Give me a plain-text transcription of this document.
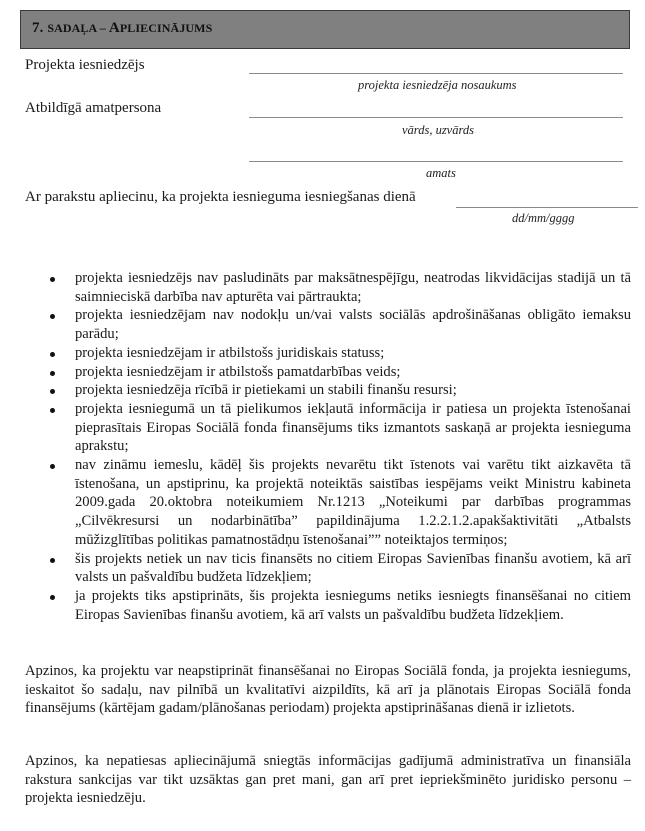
7. SADAĻA – APLIECINĀJUMS
Projekta iesniedzējs
projekta iesniedzēja nosaukums
Atbildīgā amatpersona
vārds, uzvārds
amats
Ar parakstu apliecinu, ka projekta iesnieguma iesniegšanas dienā
dd/mm/gggg
projekta iesniedzējs nav pasludināts par maksātnespējīgu, neatrodas likvidācijas stadijā un tā saimnieciskā darbība nav apturēta vai pārtraukta;
projekta iesniedzējam nav nodokļu un/vai valsts sociālās apdrošināšanas obligāto iemaksu parādu;
projekta iesniedzējam ir atbilstošs juridiskais statuss;
projekta iesniedzējam ir atbilstošs pamatdarbības veids;
projekta iesniedzēja rīcībā ir pietiekami un stabili finanšu resursi;
projekta iesniegumā un tā pielikumos iekļautā informācija ir patiesa un projekta īstenošanai pieprasītais Eiropas Sociālā fonda finansējums tiks izmantots saskaņā ar projekta iesnieguma aprakstu;
nav zināmu iemeslu, kādēļ šis projekts nevarētu tikt īstenots vai varētu tikt aizkavēta tā īstenošana, un apstiprinu, ka projektā noteiktās saistības iespējams veikt Ministru kabineta 2009.gada 20.oktobra noteikumiem Nr.1213 „Noteikumi par darbības programmas „Cilvēkresursi un nodarbinātība” papildinājuma 1.2.2.1.2.apakšaktivitāti „Atbalsts mūžizglītības politikas pamatnostādņu īstenošanai”” noteiktajos termiņos;
šis projekts netiek un nav ticis finansēts no citiem Eiropas Savienības finanšu avotiem, kā arī valsts un pašvaldību budžeta līdzekļiem;
ja projekts tiks apstiprināts, šis projekta iesniegums netiks iesniegts finansēšanai no citiem Eiropas Savienības finanšu avotiem, kā arī valsts un pašvaldību budžeta līdzekļiem.

Apzinos, ka projektu var neapstiprināt finansēšanai no Eiropas Sociālā fonda, ja projekta iesniegums, ieskaitot šo sadaļu, nav pilnībā un kvalitatīvi aizpildīts, kā arī ja plānotais Eiropas Sociālā fonda finansējums (kārtējam gadam/plānošanas periodam) projekta apstiprināšanas dienā ir izlietots.

Apzinos, ka nepatiesas apliecinājumā sniegtās informācijas gadījumā administratīva un finansiāla rakstura sankcijas var tikt uzsāktas gan pret mani, gan arī pret iepriekšminēto juridisko personu – projekta iesniedzēju.
